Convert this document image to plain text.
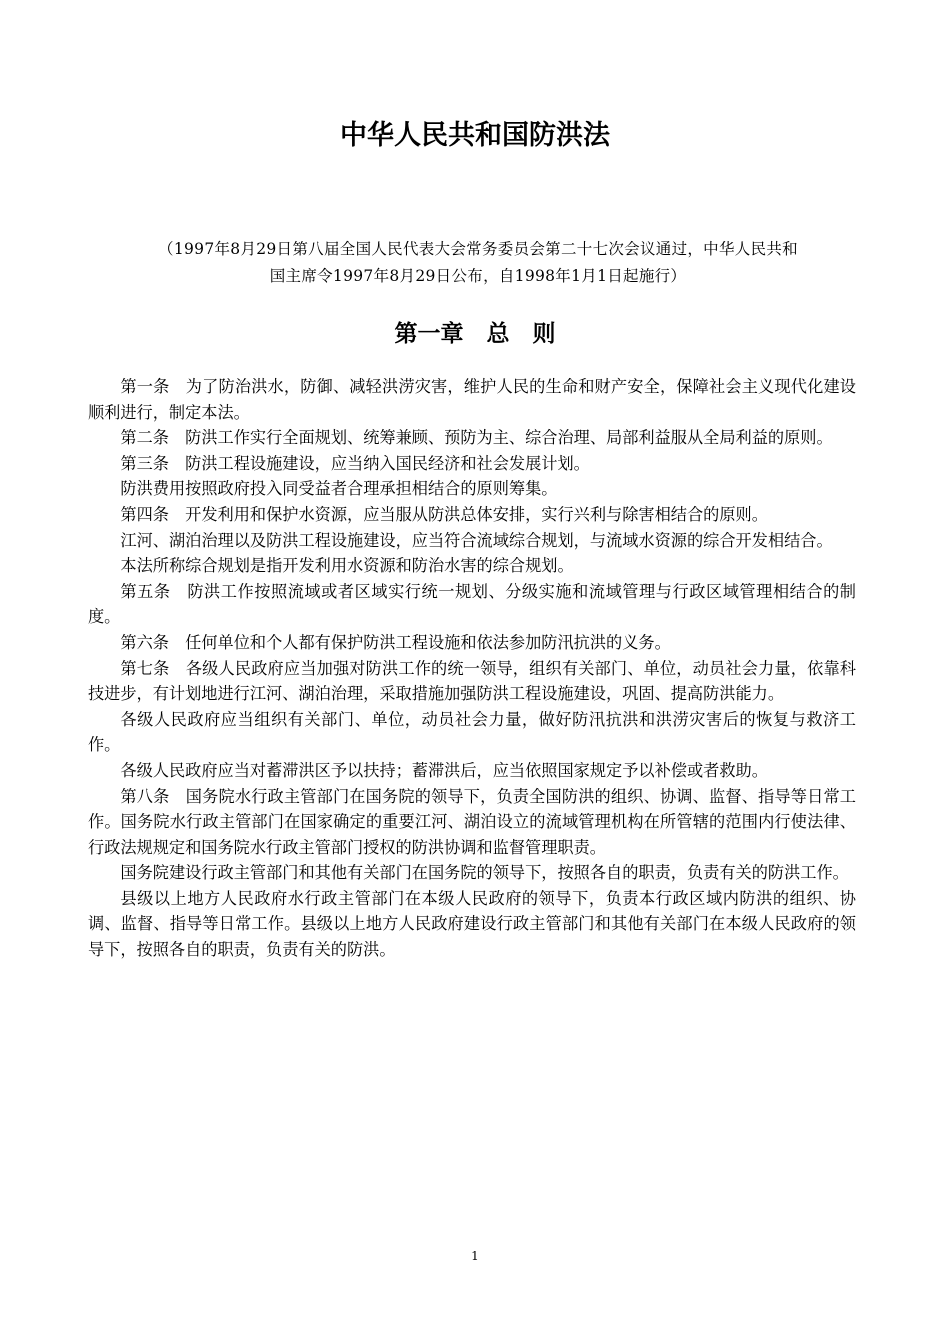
中华人民共和国防洪法
（1997年8月29日第八届全国人民代表大会常务委员会第二十七次会议通过，中华人民共和
国主席令1997年8月29日公布，自1998年1月1日起施行）
第一章　总　则

第一条　为了防治洪水，防御、减轻洪涝灾害，维护人民的生命和财产安全，保障社会主义现代化建设顺利进行，制定本法。

第二条　防洪工作实行全面规划、统筹兼顾、预防为主、综合治理、局部利益服从全局利益的原则。

第三条　防洪工程设施建设，应当纳入国民经济和社会发展计划。

防洪费用按照政府投入同受益者合理承担相结合的原则筹集。

第四条　开发利用和保护水资源，应当服从防洪总体安排，实行兴利与除害相结合的原则。

江河、湖泊治理以及防洪工程设施建设，应当符合流域综合规划，与流域水资源的综合开发相结合。

本法所称综合规划是指开发利用水资源和防治水害的综合规划。

第五条　防洪工作按照流域或者区域实行统一规划、分级实施和流域管理与行政区域管理相结合的制度。

第六条　任何单位和个人都有保护防洪工程设施和依法参加防汛抗洪的义务。

第七条　各级人民政府应当加强对防洪工作的统一领导，组织有关部门、单位，动员社会力量，依靠科技进步，有计划地进行江河、湖泊治理，采取措施加强防洪工程设施建设，巩固、提高防洪能力。

各级人民政府应当组织有关部门、单位，动员社会力量，做好防汛抗洪和洪涝灾害后的恢复与救济工作。

各级人民政府应当对蓄滞洪区予以扶持；蓄滞洪后，应当依照国家规定予以补偿或者救助。

第八条　国务院水行政主管部门在国务院的领导下，负责全国防洪的组织、协调、监督、指导等日常工作。国务院水行政主管部门在国家确定的重要江河、湖泊设立的流域管理机构在所管辖的范围内行使法律、行政法规规定和国务院水行政主管部门授权的防洪协调和监督管理职责。

国务院建设行政主管部门和其他有关部门在国务院的领导下，按照各自的职责，负责有关的防洪工作。

县级以上地方人民政府水行政主管部门在本级人民政府的领导下，负责本行政区域内防洪的组织、协调、监督、指导等日常工作。县级以上地方人民政府建设行政主管部门和其他有关部门在本级人民政府的领导下，按照各自的职责，负责有关的防洪。

1
